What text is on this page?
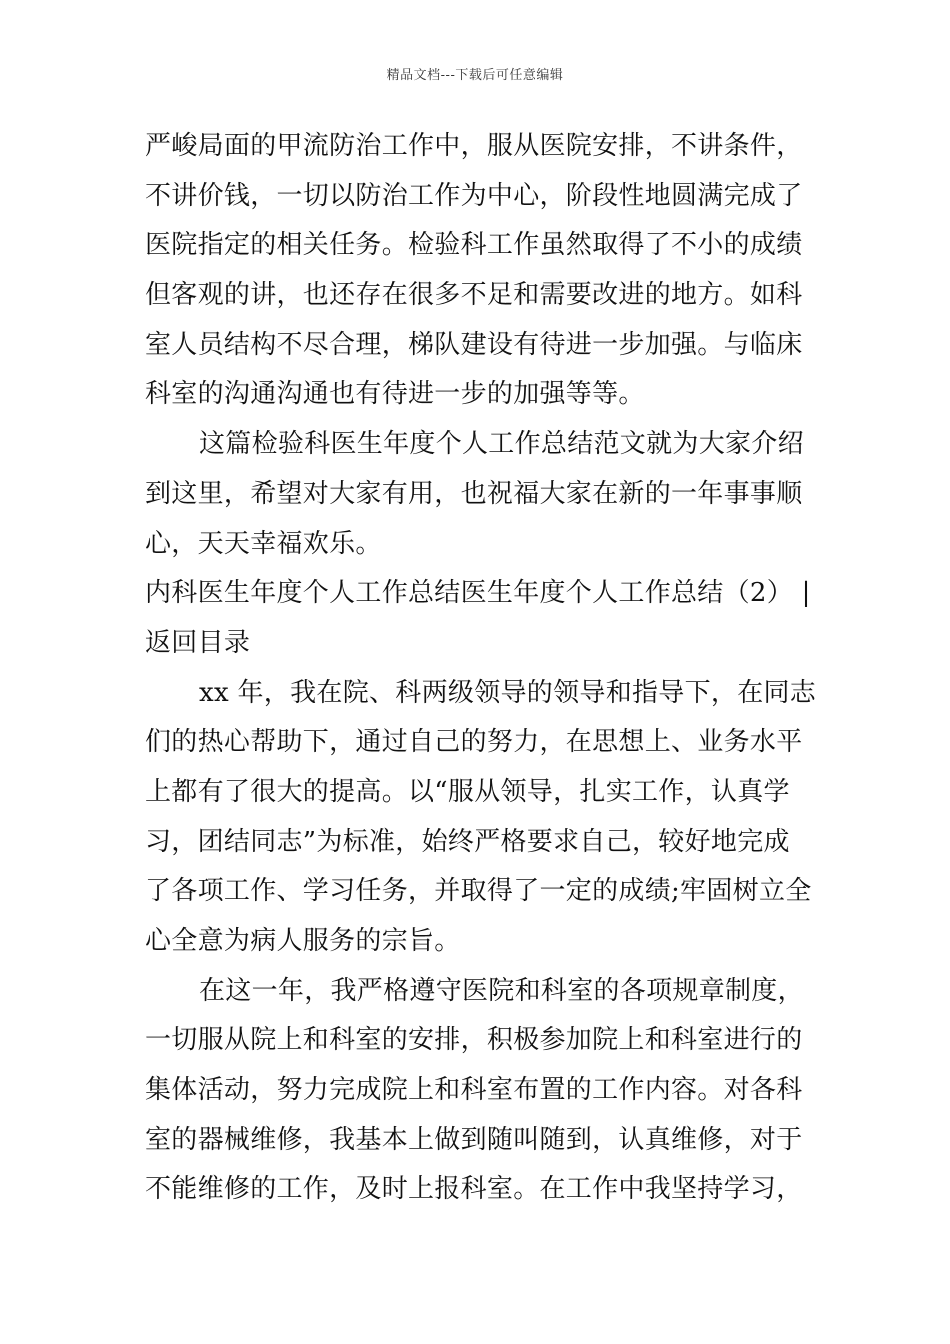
精品文档---下载后可任意编辑
严峻局面的甲流防治工作中，服从医院安排，不讲条件，
不讲价钱，一切以防治工作为中心，阶段性地圆满完成了
医院指定的相关任务。检验科工作虽然取得了不小的成绩
但客观的讲，也还存在很多不足和需要改进的地方。如科
室人员结构不尽合理，梯队建设有待进一步加强。与临床
科室的沟通沟通也有待进一步的加强等等。
这篇检验科医生年度个人工作总结范文就为大家介绍
到这里，希望对大家有用，也祝福大家在新的一年事事顺
心，天天幸福欢乐。
内科医生年度个人工作总结医生年度个人工作总结（2） |
返回目录
xx 年，我在院、科两级领导的领导和指导下，在同志
们的热心帮助下，通过自己的努力，在思想上、业务水平
上都有了很大的提高。以“服从领导，扎实工作，认真学
习，团结同志”为标准，始终严格要求自己，较好地完成
了各项工作、学习任务，并取得了一定的成绩;牢固树立全
心全意为病人服务的宗旨。
在这一年，我严格遵守医院和科室的各项规章制度，
一切服从院上和科室的安排，积极参加院上和科室进行的
集体活动，努力完成院上和科室布置的工作内容。对各科
室的器械维修，我基本上做到随叫随到，认真维修，对于
不能维修的工作，及时上报科室。在工作中我坚持学习，
